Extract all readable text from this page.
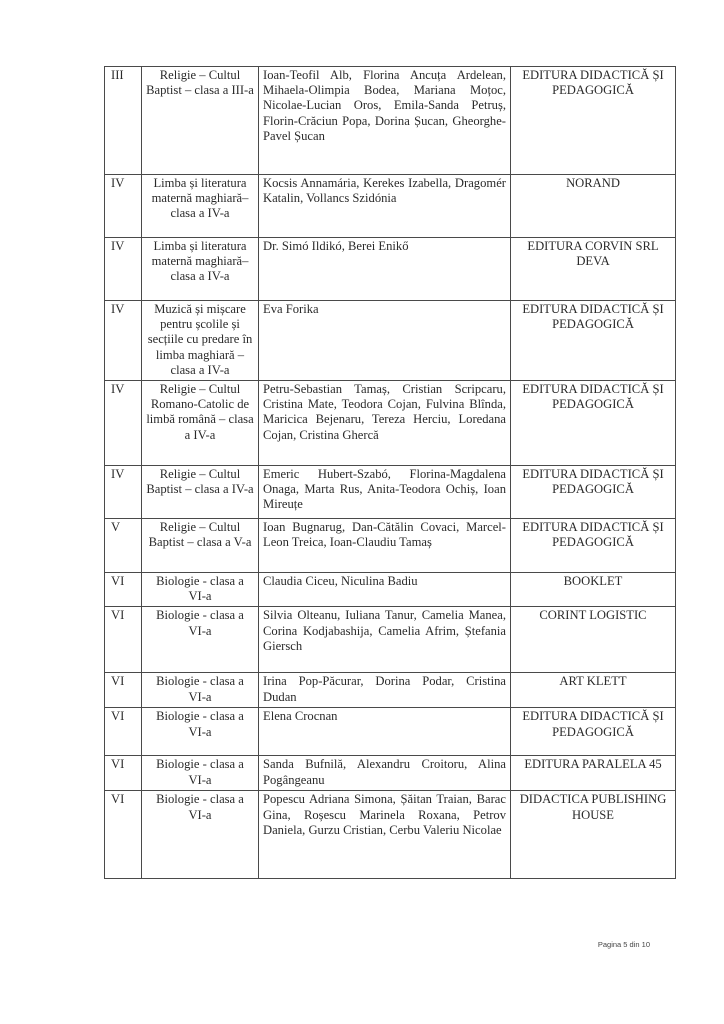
III	Religie – Cultul Baptist – clasa a III-a	Ioan-Teofil Alb, Florina Ancuța Ardelean, Mihaela-Olimpia Bodea, Mariana Moțoc, Nicolae-Lucian Oros, Emila-Sanda Petruș, Florin-Crăciun Popa, Dorina Șucan, Gheorghe-Pavel Șucan	EDITURA DIDACTICĂ ȘI PEDAGOGICĂ
IV	Limba și literatura maternă maghiară– clasa a IV-a	Kocsis Annamária, Kerekes Izabella, Dragomér Katalin, Vollancs Szidónia	NORAND
IV	Limba și literatura maternă maghiară– clasa a IV-a	Dr. Simó Ildikó, Berei Enikő	EDITURA CORVIN SRL DEVA
IV	Muzică și mișcare pentru școlile și secțiile cu predare în limba maghiară – clasa a IV-a	Eva Forika	EDITURA DIDACTICĂ ȘI PEDAGOGICĂ
IV	Religie – Cultul Romano-Catolic de limbă română – clasa a IV-a	Petru-Sebastian Tamaș, Cristian Scripcaru, Cristina Mate, Teodora Cojan, Fulvina Blînda, Maricica Bejenaru, Tereza Herciu, Loredana Cojan, Cristina Ghercă	EDITURA DIDACTICĂ ȘI PEDAGOGICĂ
IV	Religie – Cultul Baptist – clasa a IV-a	Emeric Hubert-Szabó, Florina-Magdalena Onaga, Marta Rus, Anita-Teodora Ochiș, Ioan Mireuțe	EDITURA DIDACTICĂ ȘI PEDAGOGICĂ
V	Religie – Cultul Baptist – clasa a V-a	Ioan Bugnarug, Dan-Cătălin Covaci, Marcel-Leon Treica, Ioan-Claudiu Tamaș	EDITURA DIDACTICĂ ȘI PEDAGOGICĂ
VI	Biologie - clasa a VI-a	Claudia Ciceu, Niculina Badiu	BOOKLET
VI	Biologie - clasa a VI-a	Silvia Olteanu, Iuliana Tanur, Camelia Manea, Corina Kodjabashija, Camelia Afrim, Ștefania Giersch	CORINT LOGISTIC
VI	Biologie - clasa a VI-a	Irina Pop-Păcurar, Dorina Podar, Cristina Dudan	ART KLETT
VI	Biologie - clasa a VI-a	Elena Crocnan	EDITURA DIDACTICĂ ȘI PEDAGOGICĂ
VI	Biologie - clasa a VI-a	Sanda Bufnilă, Alexandru Croitoru, Alina Pogângeanu	EDITURA PARALELA 45
VI	Biologie - clasa a VI-a	Popescu Adriana Simona, Șăitan Traian, Barac Gina, Roșescu Marinela Roxana, Petrov Daniela, Gurzu Cristian, Cerbu Valeriu Nicolae	DIDACTICA PUBLISHING HOUSE
Pagina 5 din 10
